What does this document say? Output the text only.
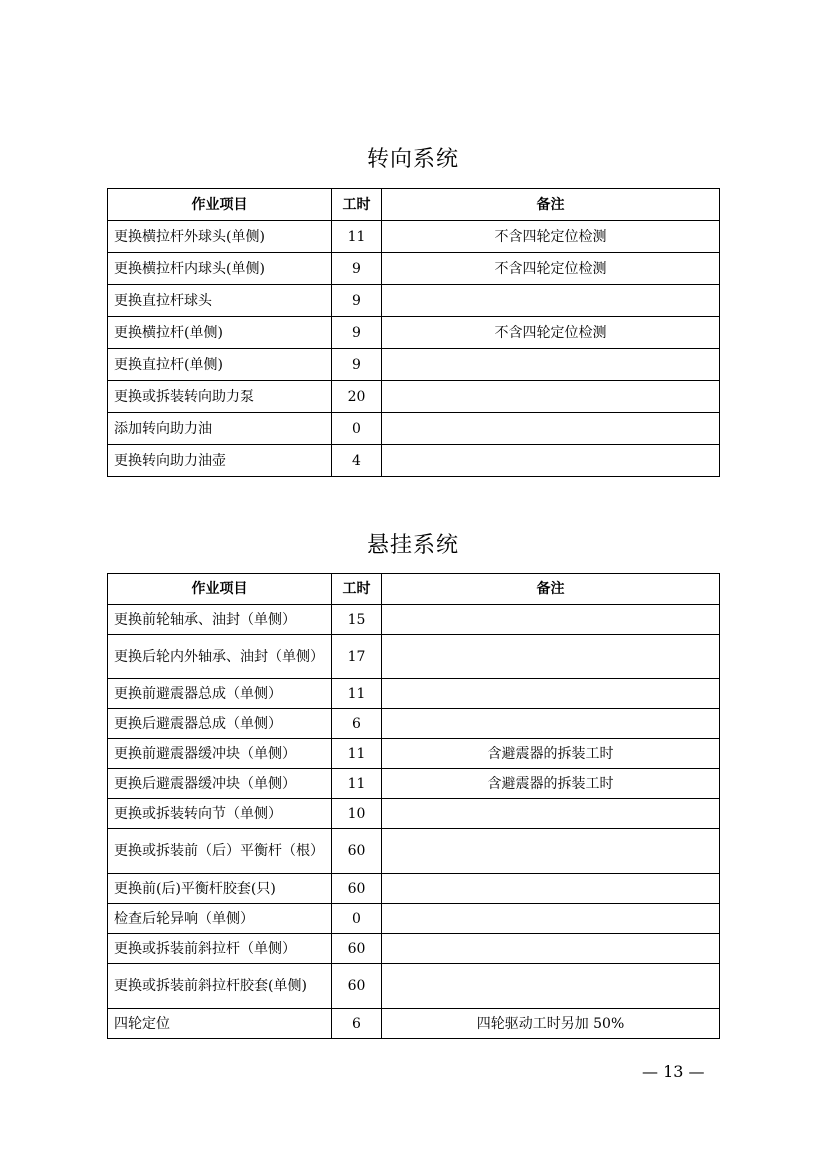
转向系统
作业项目	工时	备注
更换横拉杆外球头(单侧)	11	不含四轮定位检测
更换横拉杆内球头(单侧)	9	不含四轮定位检测
更换直拉杆球头	9	
更换横拉杆(单侧)	9	不含四轮定位检测
更换直拉杆(单侧)	9	
更换或拆装转向助力泵	20	
添加转向助力油	0	
更换转向助力油壶	4	
悬挂系统
作业项目	工时	备注
更换前轮轴承、油封（单侧）	15	
更换后轮内外轴承、油封（单侧）	17	
更换前避震器总成（单侧）	11	
更换后避震器总成（单侧）	6	
更换前避震器缓冲块（单侧）	11	含避震器的拆装工时
更换后避震器缓冲块（单侧）	11	含避震器的拆装工时
更换或拆装转向节（单侧）	10	
更换或拆装前（后）平衡杆（根）	60	
更换前(后)平衡杆胶套(只)	60	
检查后轮异响（单侧）	0	
更换或拆装前斜拉杆（单侧）	60	
更换或拆装前斜拉杆胶套(单侧)	60	
四轮定位	6	四轮驱动工时另加 50%
— 13 —
